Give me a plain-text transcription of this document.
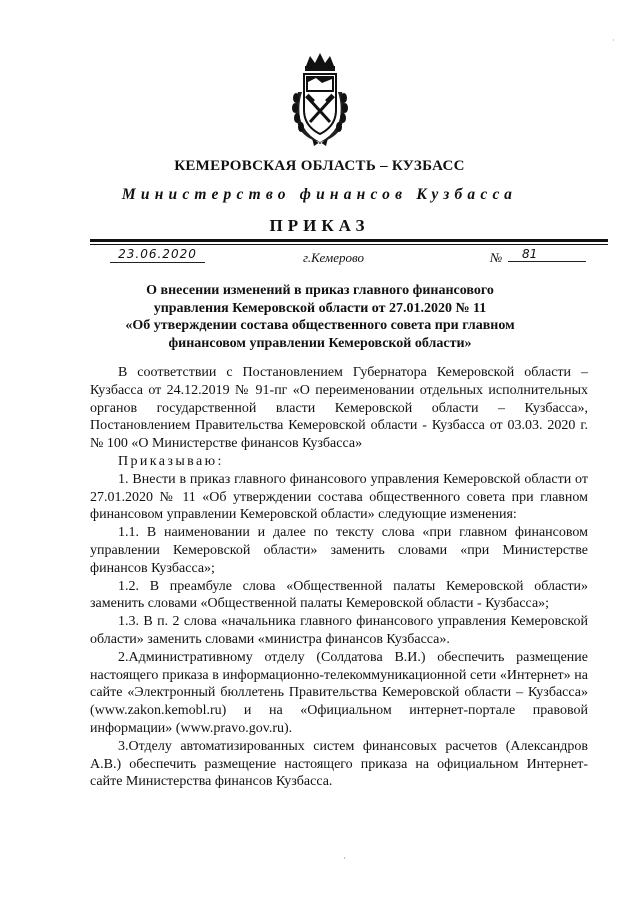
КЕМЕРОВСКАЯ ОБЛАСТЬ – КУЗБАСС
Министерство финансов Кузбасса
ПРИКАЗ
23.06.2020	г.Кемерово	№	81
О внесении изменений в приказ главного финансового
управления Кемеровской области от 27.01.2020 № 11
«Об утверждении состава общественного совета при главном
финансовом управлении Кемеровской области»

В соответствии с Постановлением Губернатора Кемеровской области – Кузбасса от 24.12.2019 № 91-пг «О переименовании отдельных исполнительных органов государственной власти Кемеровской области – Кузбасса», Постановлением Правительства Кемеровской области - Кузбасса от 03.03. 2020 г. № 100 «О Министерстве финансов Кузбасса»

Приказываю:

1. Внести в приказ главного финансового управления Кемеровской области от 27.01.2020 № 11 «Об утверждении состава общественного совета при главном финансовом управлении Кемеровской области» следующие изменения:

1.1. В наименовании и далее по тексту слова «при главном финансовом управлении Кемеровской области» заменить словами «при Министерстве финансов Кузбасса»;

1.2. В преамбуле слова «Общественной палаты Кемеровской области» заменить словами «Общественной палаты Кемеровской области - Кузбасса»;

1.3. В п. 2 слова «начальника главного финансового управления Кемеровской области» заменить словами «министра финансов Кузбасса».

2.Административному отделу (Солдатова В.И.) обеспечить размещение настоящего приказа в информационно-телекоммуникационной сети «Интернет» на сайте «Электронный бюллетень Правительства Кемеровской области – Кузбасса» (www.zakon.kemobl.ru) и на «Официальном интернет-портале правовой информации» (www.pravo.gov.ru).

3.Отделу автоматизированных систем финансовых расчетов (Александров А.В.) обеспечить размещение настоящего приказа на официальном Интернет-сайте Министерства финансов Кузбасса.

·
·
